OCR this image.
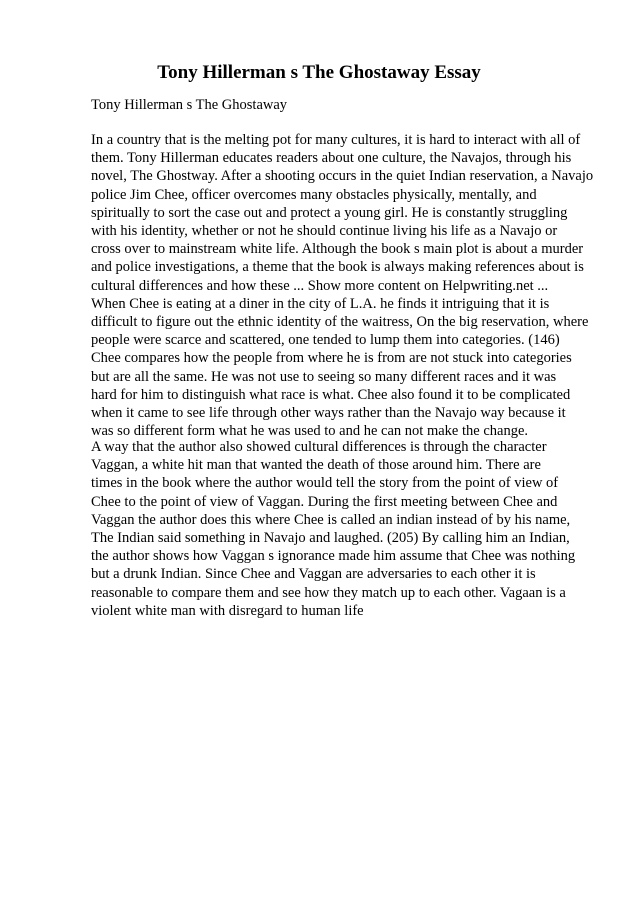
Tony Hillerman s The Ghostaway Essay

Tony Hillerman s The Ghostaway

In a country that is the melting pot for many cultures, it is hard to interact with all of
them. Tony Hillerman educates readers about one culture, the Navajos, through his
novel, The Ghostway. After a shooting occurs in the quiet Indian reservation, a Navajo
police Jim Chee, officer overcomes many obstacles physically, mentally, and
spiritually to sort the case out and protect a young girl. He is constantly struggling
with his identity, whether or not he should continue living his life as a Navajo or
cross over to mainstream white life. Although the book s main plot is about a murder
and police investigations, a theme that the book is always making references about is
cultural differences and how these ... Show more content on Helpwriting.net ...
When Chee is eating at a diner in the city of L.A. he finds it intriguing that it is
difficult to figure out the ethnic identity of the waitress, On the big reservation, where
people were scarce and scattered, one tended to lump them into categories. (146)
Chee compares how the people from where he is from are not stuck into categories
but are all the same. He was not use to seeing so many different races and it was
hard for him to distinguish what race is what. Chee also found it to be complicated
when it came to see life through other ways rather than the Navajo way because it
was so different form what he was used to and he can not make the change.

A way that the author also showed cultural differences is through the character
Vaggan, a white hit man that wanted the death of those around him. There are
times in the book where the author would tell the story from the point of view of
Chee to the point of view of Vaggan. During the first meeting between Chee and
Vaggan the author does this where Chee is called an indian instead of by his name,
The Indian said something in Navajo and laughed. (205) By calling him an Indian,
the author shows how Vaggan s ignorance made him assume that Chee was nothing
but a drunk Indian. Since Chee and Vaggan are adversaries to each other it is
reasonable to compare them and see how they match up to each other. Vagaan is a
violent white man with disregard to human life
